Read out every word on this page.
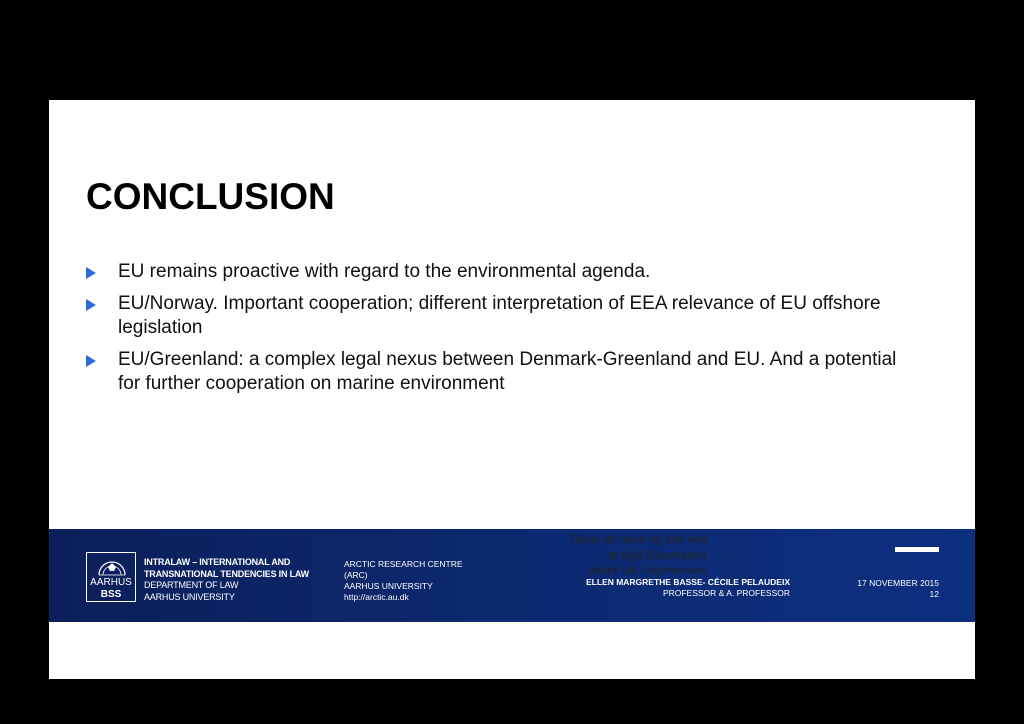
CONCLUSION
EU remains proactive with regard to the environmental agenda.
EU/Norway. Important cooperation; different interpretation of EEA relevance of EU offshore legislation
EU/Greenland: a complex legal nexus between Denmark-Greenland and EU. And a potential for further cooperation on marine environment
AARHUS
BSS
INTRALAW – INTERNATIONAL AND
TRANSNATIONAL TENDENCIES IN LAW
DEPARTMENT OF LAW
AARHUS UNIVERSITY
ARCTIC RESEARCH CENTRE
(ARC)
AARHUS UNIVERSITY
http://arctic.au.dk
ELLEN MARGRETHE BASSE- CÉCILE PELAUDEIX
PROFESSOR & A. PROFESSOR
17 NOVEMBER 2015
12
Tilpas dit navn og titel ved
at tilgå Diasmaster
under Vis i topmenuen
